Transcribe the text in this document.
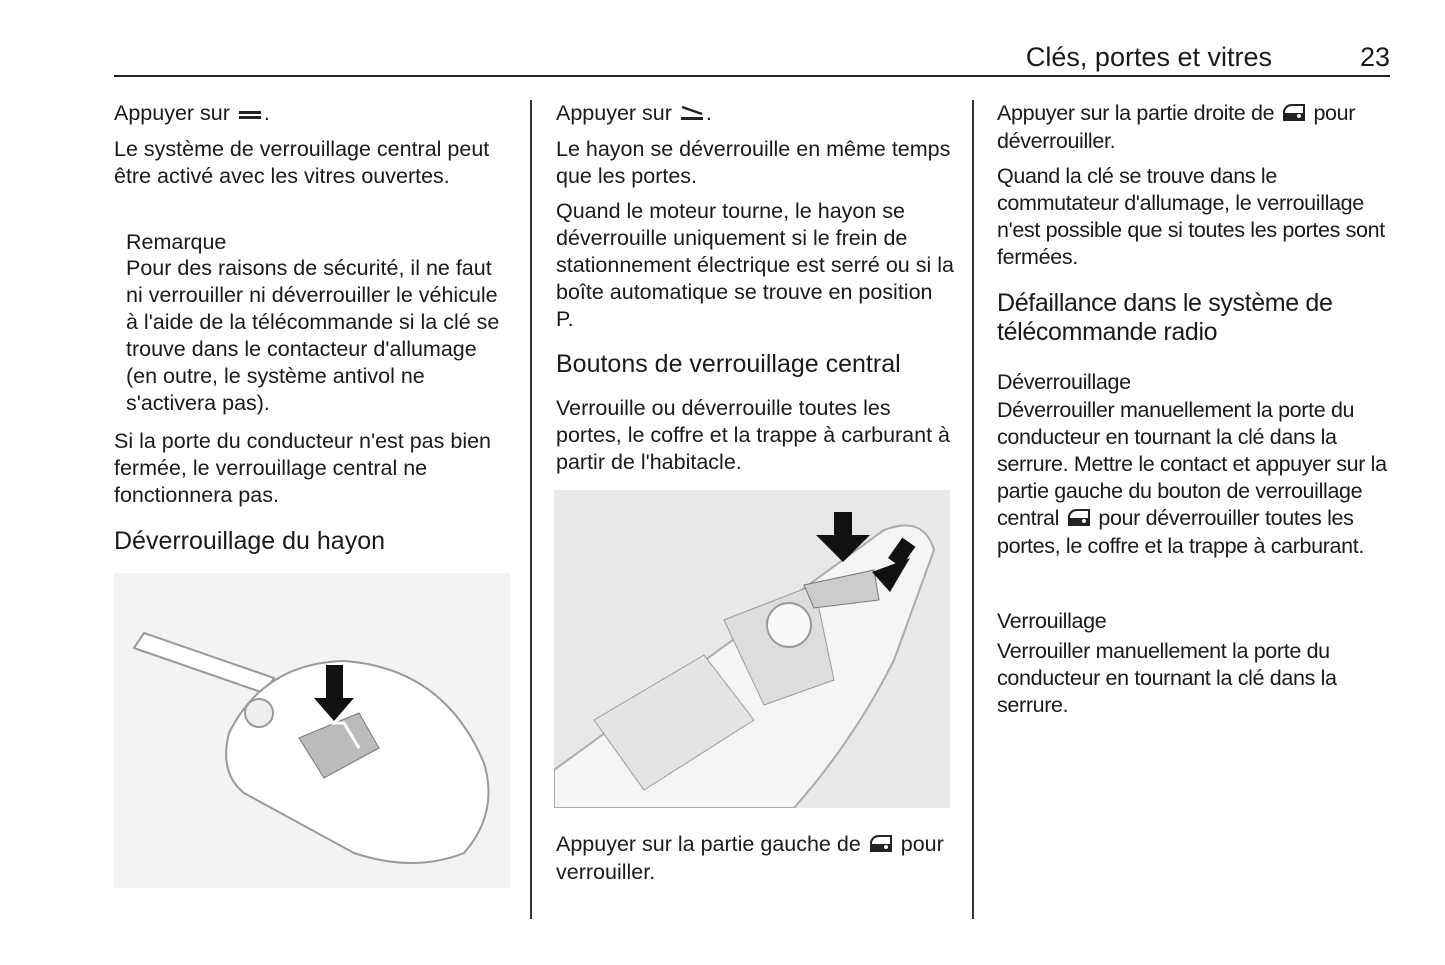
Clés, portes et vitres	23

Appuyer sur .

Le système de verrouillage central peut être activé avec les vitres ouvertes.

Remarque

Pour des raisons de sécurité, il ne faut ni verrouiller ni déverrouiller le véhicule à l'aide de la télécommande si la clé se trouve dans le contacteur d'allumage (en outre, le système antivol ne s'activera pas).

Si la porte du conducteur n'est pas bien fermée, le verrouillage central ne fonctionnera pas.

Déverrouillage du hayon

Appuyer sur .

Le hayon se déverrouille en même temps que les portes.

Quand le moteur tourne, le hayon se déverrouille uniquement si le frein de stationnement électrique est serré ou si la boîte automatique se trouve en position P.

Boutons de verrouillage central

Verrouille ou déverrouille toutes les portes, le coffre et la trappe à carburant à partir de l'habitacle.

Appuyer sur la partie gauche de pour verrouiller.

Appuyer sur la partie droite de pour déverrouiller.

Quand la clé se trouve dans le commutateur d'allumage, le verrouillage n'est possible que si toutes les portes sont fermées.

Défaillance dans le système de télécommande radio

Déverrouillage

Déverrouiller manuellement la porte du conducteur en tournant la clé dans la serrure. Mettre le contact et appuyer sur la partie gauche du bouton de verrouillage central pour déverrouiller toutes les portes, le coffre et la trappe à carburant.

Verrouillage

Verrouiller manuellement la porte du conducteur en tournant la clé dans la serrure.
